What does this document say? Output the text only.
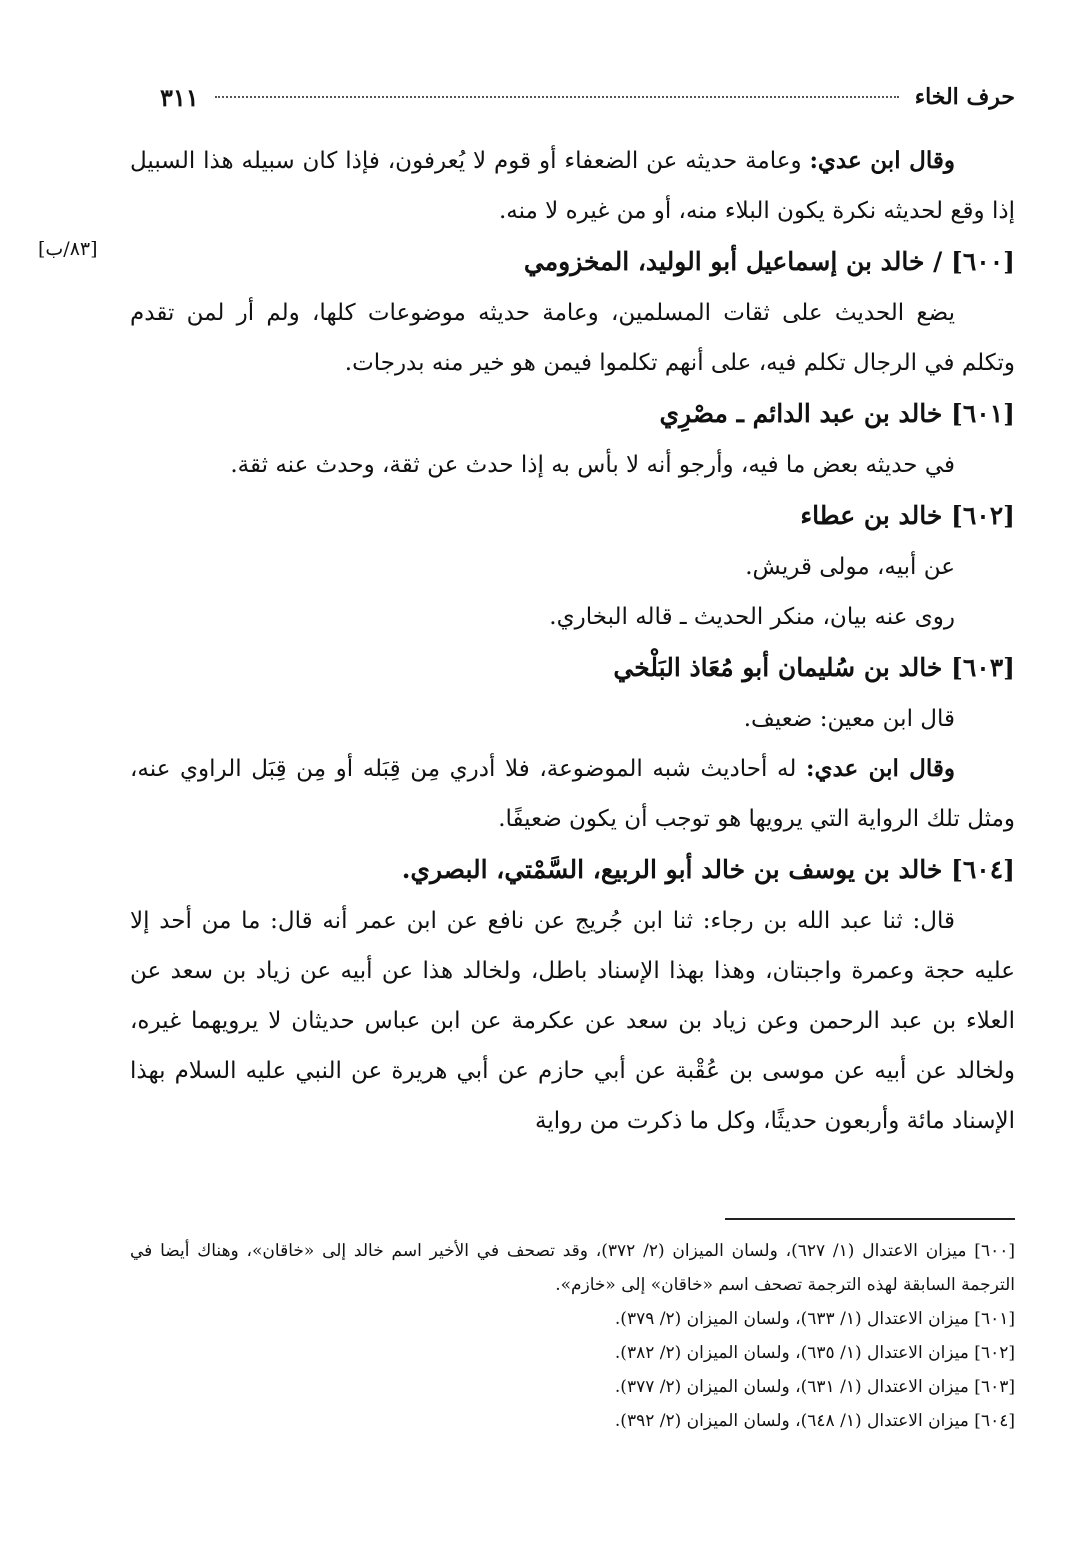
حرف الخاء
٣١١
[٨٣/ب]

وقال ابن عدي: وعامة حديثه عن الضعفاء أو قوم لا يُعرفون، فإذا كان سبيله هذا السبيل إذا وقع لحديثه نكرة يكون البلاء منه، أو من غيره لا منه.

[٦٠٠] / خالد بن إسماعيل أبو الوليد، المخزومي

يضع الحديث على ثقات المسلمين، وعامة حديثه موضوعات كلها، ولم أر لمن تقدم وتكلم في الرجال تكلم فيه، على أنهم تكلموا فيمن هو خير منه بدرجات.

[٦٠١] خالد بن عبد الدائم ـ مصْرِي

في حديثه بعض ما فيه، وأرجو أنه لا بأس به إذا حدث عن ثقة، وحدث عنه ثقة.

[٦٠٢] خالد بن عطاء

عن أبيه، مولى قريش.

روى عنه بيان، منكر الحديث ـ قاله البخاري.

[٦٠٣] خالد بن سُليمان أبو مُعَاذ البَلْخي

قال ابن معين: ضعيف.

وقال ابن عدي: له أحاديث شبه الموضوعة، فلا أدري مِن قِبَله أو مِن قِبَل الراوي عنه، ومثل تلك الرواية التي يرويها هو توجب أن يكون ضعيفًا.

[٦٠٤] خالد بن يوسف بن خالد أبو الربيع، السَّمْتي، البصري.

قال: ثنا عبد الله بن رجاء: ثنا ابن جُريج عن نافع عن ابن عمر أنه قال: ما من أحد إلا عليه حجة وعمرة واجبتان، وهذا بهذا الإسناد باطل، ولخالد هذا عن أبيه عن زياد بن سعد عن العلاء بن عبد الرحمن وعن زياد بن سعد عن عكرمة عن ابن عباس حديثان لا يرويهما غيره، ولخالد عن أبيه عن موسى بن عُقْبة عن أبي حازم عن أبي هريرة عن النبي عليه السلام بهذا الإسناد مائة وأربعون حديثًا، وكل ما ذكرت من رواية

[٦٠٠] ميزان الاعتدال (١/ ٦٢٧)، ولسان الميزان (٢/ ٣٧٢)، وقد تصحف في الأخير اسم خالد إلى «خاقان»، وهناك أيضا في الترجمة السابقة لهذه الترجمة تصحف اسم «خاقان» إلى «خازم».

[٦٠١] ميزان الاعتدال (١/ ٦٣٣)، ولسان الميزان (٢/ ٣٧٩).

[٦٠٢] ميزان الاعتدال (١/ ٦٣٥)، ولسان الميزان (٢/ ٣٨٢).

[٦٠٣] ميزان الاعتدال (١/ ٦٣١)، ولسان الميزان (٢/ ٣٧٧).

[٦٠٤] ميزان الاعتدال (١/ ٦٤٨)، ولسان الميزان (٢/ ٣٩٢).
